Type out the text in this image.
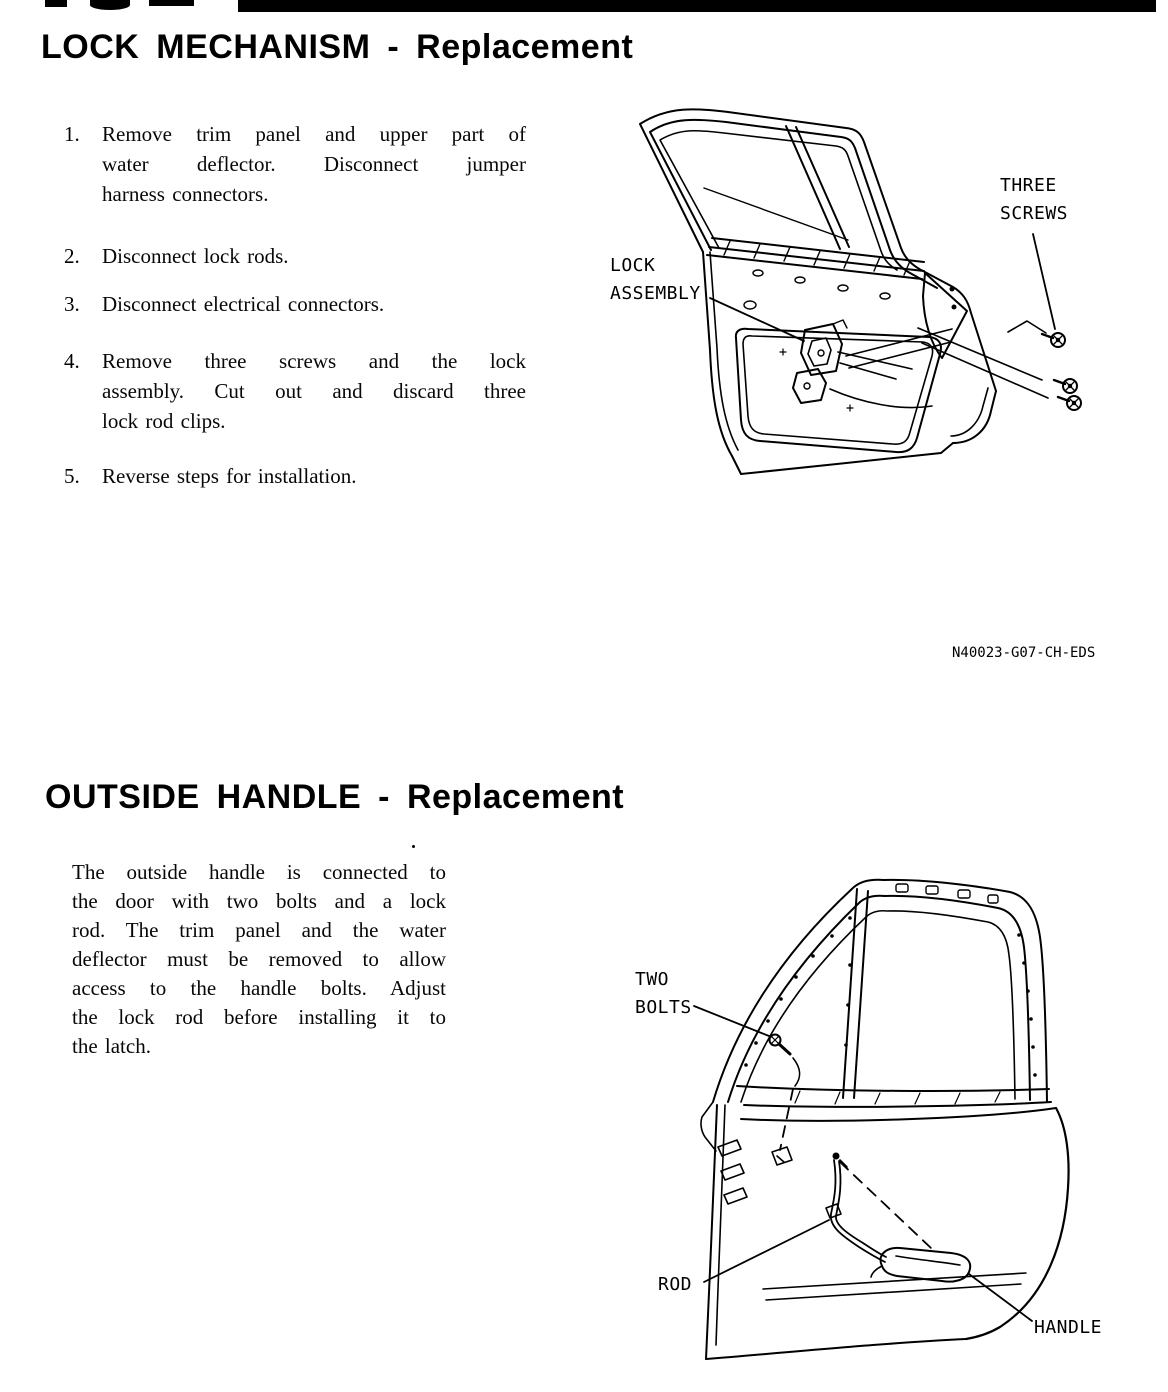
LOCK MECHANISM - Replacement
1. Remove trim panel and upper part of
water deflector. Disconnect jumper
harness connectors.
2. Disconnect lock rods.
3. Disconnect electrical connectors.
4. Remove three screws and the lock
assembly. Cut out and discard three
lock rod clips.
5. Reverse steps for installation.
THREE
SCREWS
LOCK
ASSEMBLY
N40023-G07-CH-EDS
OUTSIDE HANDLE - Replacement
The outside handle is connected to
the door with two bolts and a lock
rod. The trim panel and the water
deflector must be removed to allow
access to the handle bolts. Adjust
the lock rod before installing it to
the latch.
TWO
BOLTS
ROD
HANDLE
